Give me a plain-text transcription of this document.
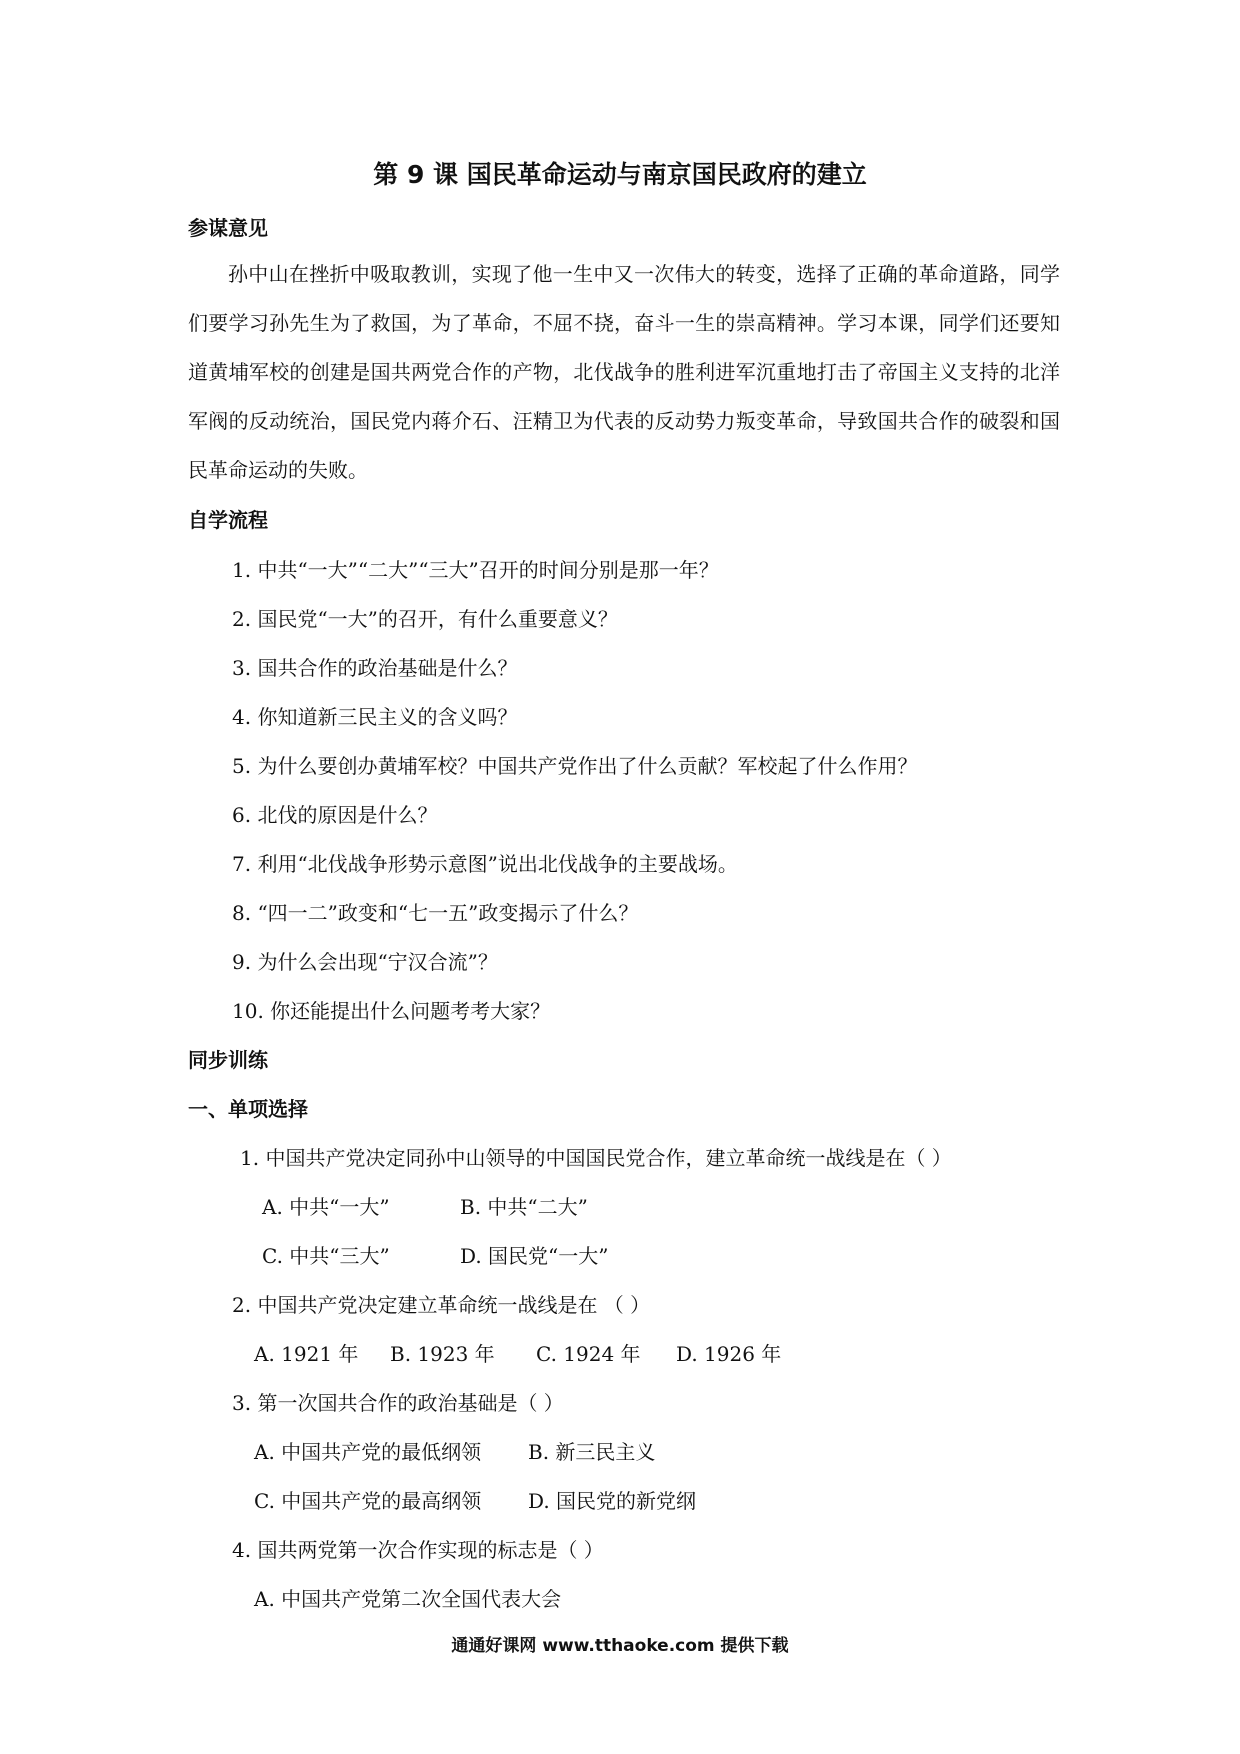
第 9 课 国民革命运动与南京国民政府的建立
参谋意见
孙中山在挫折中吸取教训，实现了他一生中又一次伟大的转变，选择了正确的革命道路，同学们要学习孙先生为了救国，为了革命，不屈不挠，奋斗一生的崇高精神。学习本课，同学们还要知道黄埔军校的创建是国共两党合作的产物，北伐战争的胜利进军沉重地打击了帝国主义支持的北洋军阀的反动统治，国民党内蒋介石、汪精卫为代表的反动势力叛变革命，导致国共合作的破裂和国民革命运动的失败。
自学流程
1. 中共“一大”“二大”“三大”召开的时间分别是那一年？
2. 国民党“一大”的召开，有什么重要意义？
3. 国共合作的政治基础是什么？
4. 你知道新三民主义的含义吗？
5. 为什么要创办黄埔军校？中国共产党作出了什么贡献？军校起了什么作用？
6. 北伐的原因是什么？
7. 利用“北伐战争形势示意图”说出北伐战争的主要战场。
8. “四一二”政变和“七一五”政变揭示了什么？
9. 为什么会出现“宁汉合流”？
10. 你还能提出什么问题考考大家？
同步训练
一、单项选择
1. 中国共产党决定同孙中山领导的中国国民党合作，建立革命统一战线是在（ ）
A. 中共“一大”	B. 中共“二大”
C. 中共“三大”	D. 国民党“一大”
2. 中国共产党决定建立革命统一战线是在 （ ）
A. 1921 年 B. 1923 年 C. 1924 年 D. 1926 年
3. 第一次国共合作的政治基础是（ ）
A. 中国共产党的最低纲领 B. 新三民主义
C. 中国共产党的最高纲领 D. 国民党的新党纲
4. 国共两党第一次合作实现的标志是（ ）
A. 中国共产党第二次全国代表大会
通通好课网 www.tthaoke.com 提供下载
